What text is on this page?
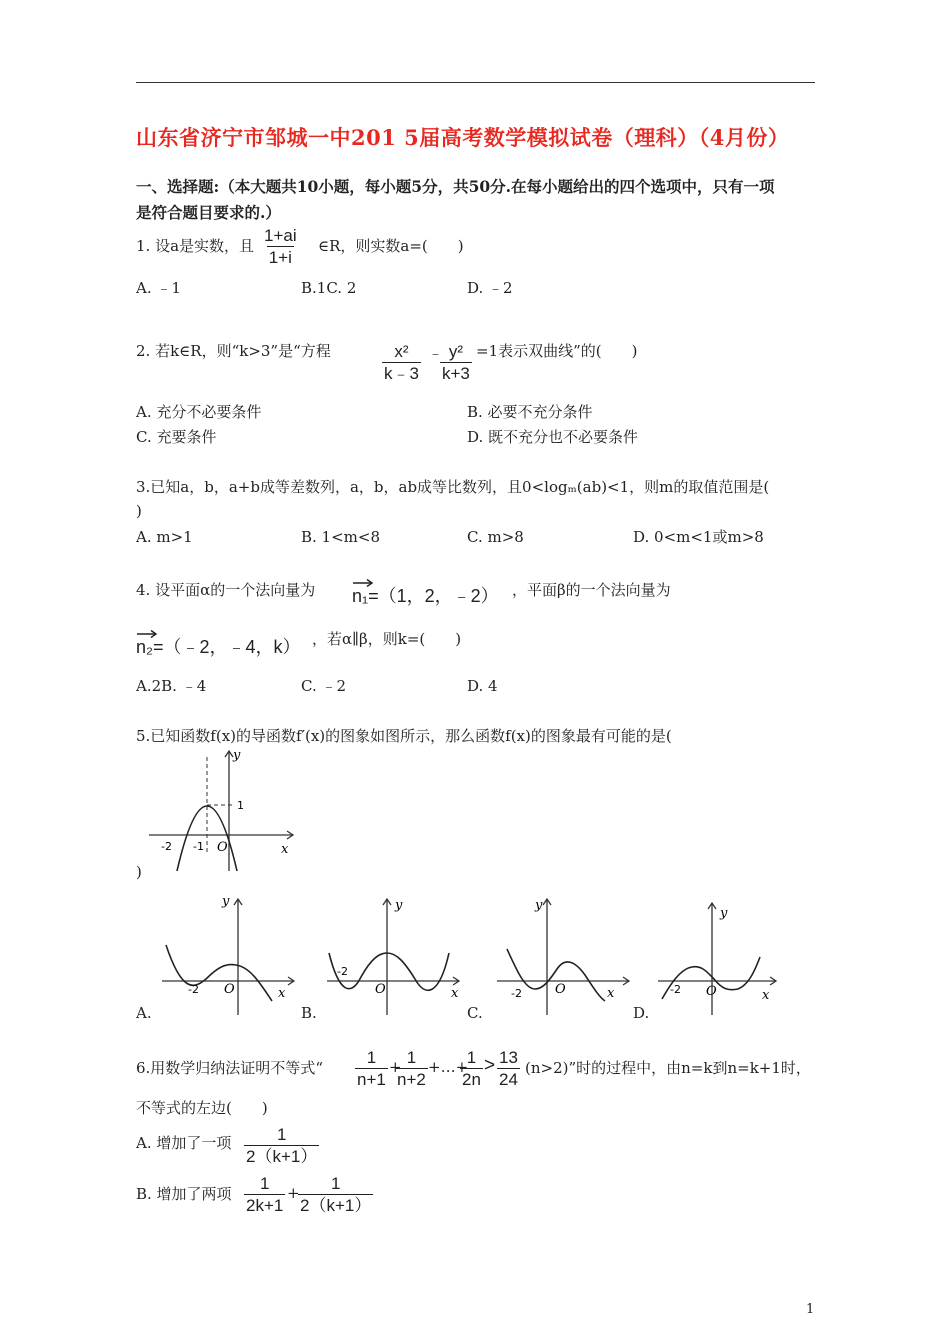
山东省济宁市邹城一中201 5届高考数学模拟试卷（理科）（4月份）
一、选择题:（本大题共10小题，每小题5分，共50分.在每小题给出的四个选项中，只有一项
是符合题目要求的.）
1. 设a是实数，且 $\frac{1+ai}{1+i}$ ∈R，则实数a=(　　)
A. ﹣1	B.1C. 2	D. ﹣2
2. 若k∈R，则“k>3”是“方程	$\frac{\text{x²}}{k﹣3}$ ﹣
$\frac{\text{y²}}{k+3} =1$表示双曲线”的(　　)
A. 充分不必要条件	B. 必要不充分条件
C. 充要条件	D. 既不充分也不必要条件
3.已知a，b，a+b成等差数列，a，b，ab成等比数列，且0<logₘ(ab)<1，则m的取值范围是(
)
A. m>1	B. 1<m<8	C. m>8	D. 0<m<1或m>8
4. 设平面α的一个法向量为 n₁=（1，2，﹣2） ，平面β的一个法向量为
n₂=（﹣2，﹣4，k） ，若α∥β，则k=(　　)
A.2B. ﹣4	C. ﹣2	D. 4
5.已知函数f(x)的导函数f′(x)的图象如图所示，那么函数f(x)的图象最有可能的是(
y
x
O
-2 -1
1
)
y
x
O
-2
A.
y
x
O
-2
B.
y
x
O
-2
C.
y
x
O
-2
D.
6.用数学归纳法证明不等式“ $\frac{1}{n+1}$ +
$\frac{1}{n+2}$ +…+
$\frac{1}{2n} > \frac{13}{24} (n>2)$”时的过程中，由n=k到n=k+1时，
不等式的左边(　　)
A. 增加了一项 $\frac{1}{2(k+1)}$
B. 增加了两项 $\frac{1}{2k+1}$ +
$\frac{1}{2(k+1)}$
1
